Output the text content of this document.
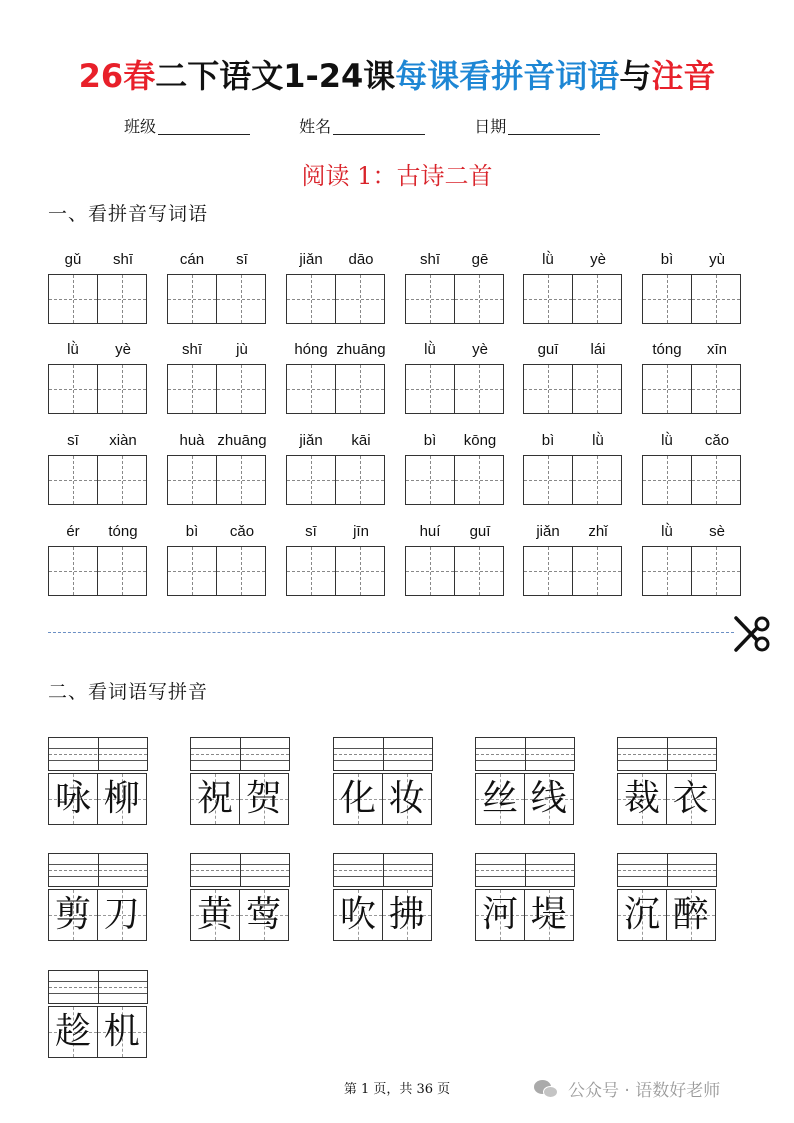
26春二下语文1-24课每课看拼音词语与注音
班级	姓名	日期
阅读 1：古诗二首
一、看拼音写词语
gǔ	shī	cán	sī	jiǎn	dāo	shī	gē	lǜ	yè	bì	yù
lǜ	yè	shī	jù	hóng zhuāng	lǜ	yè	guī	lái	tóng	xīn
sī	xiàn	huà zhuāng	jiǎn	kāi	bì	kōng	bì	lǜ	lǜ	cǎo
ér	tóng	bì	cǎo	sī	jīn	huí	guī	jiǎn	zhǐ	lǜ	sè
二、看词语写拼音
咏 柳 祝 贺 化 妆 丝 线 裁 衣
剪 刀 黄 莺 吹 拂 河 堤 沉 醉
趁 机
第 1 页，共 36 页	公众号 · 语数好老师
